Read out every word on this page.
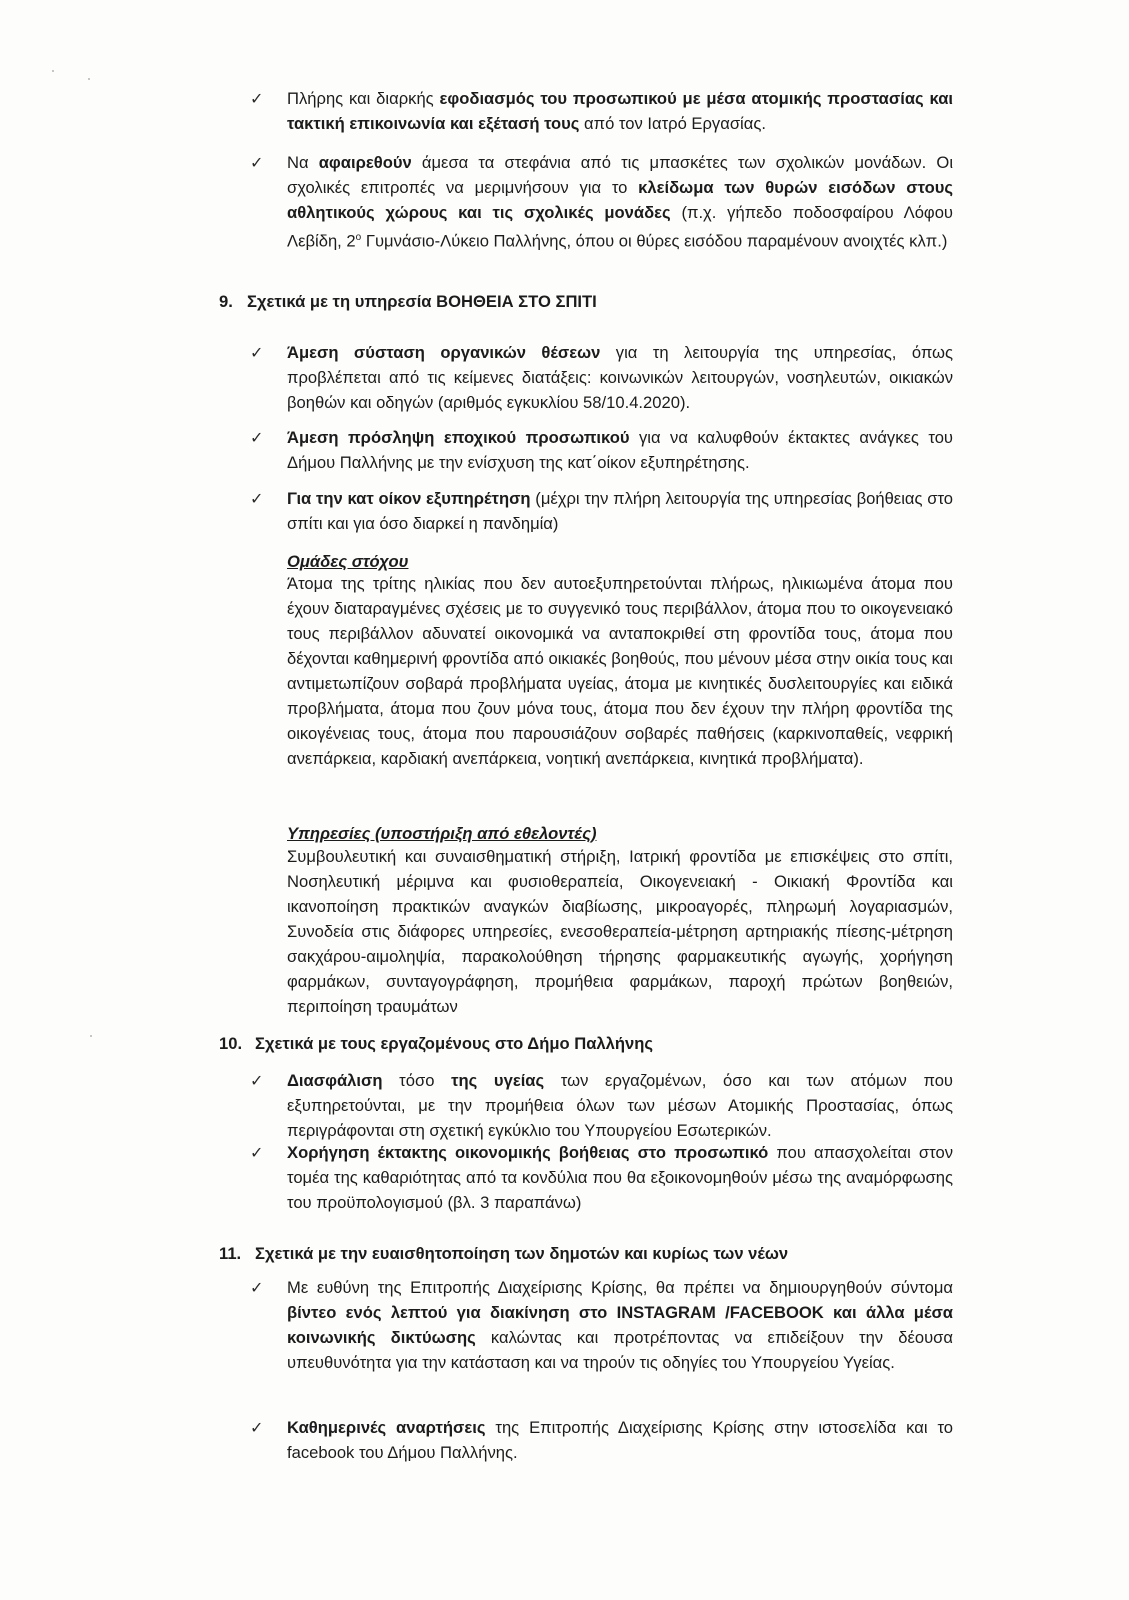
✓ Πλήρης και διαρκής εφοδιασμός του προσωπικού με μέσα ατομικής προστασίας και τακτική επικοινωνία και εξέτασή τους από τον Ιατρό Εργασίας.
✓ Να αφαιρεθούν άμεσα τα στεφάνια από τις μπασκέτες των σχολικών μονάδων. Οι σχολικές επιτροπές να μεριμνήσουν για το κλείδωμα των θυρών εισόδων στους αθλητικούς χώρους και τις σχολικές μονάδες (π.χ. γήπεδο ποδοσφαίρου Λόφου Λεβίδη, $2^o$ Γυμνάσιο-Λύκειο Παλλήνης, όπου οι θύρες εισόδου παραμένουν ανοιχτές κλπ.)
9. Σχετικά με τη υπηρεσία ΒΟΗΘΕΙΑ ΣΤΟ ΣΠΙΤΙ
✓ Άμεση σύσταση οργανικών θέσεων για τη λειτουργία της υπηρεσίας, όπως προβλέπεται από τις κείμενες διατάξεις: κοινωνικών λειτουργών, νοσηλευτών, οικιακών βοηθών και οδηγών (αριθμός εγκυκλίου 58/10.4.2020).
✓ Άμεση πρόσληψη εποχικού προσωπικού για να καλυφθούν έκτακτες ανάγκες του Δήμου Παλλήνης με την ενίσχυση της κατ΄οίκον εξυπηρέτησης.
✓ Για την κατ οίκον εξυπηρέτηση (μέχρι την πλήρη λειτουργία της υπηρεσίας βοήθειας στο σπίτι και για όσο διαρκεί η πανδημία)
Ομάδες στόχου
Άτομα της τρίτης ηλικίας που δεν αυτοεξυπηρετούνται πλήρως, ηλικιωμένα άτομα που έχουν διαταραγμένες σχέσεις με το συγγενικό τους περιβάλλον, άτομα που το οικογενειακό τους περιβάλλον αδυνατεί οικονομικά να ανταποκριθεί στη φροντίδα τους, άτομα που δέχονται καθημερινή φροντίδα από οικιακές βοηθούς, που μένουν μέσα στην οικία τους και αντιμετωπίζουν σοβαρά προβλήματα υγείας, άτομα με κινητικές δυσλειτουργίες και ειδικά προβλήματα, άτομα που ζουν μόνα τους, άτομα που δεν έχουν την πλήρη φροντίδα της οικογένειας τους, άτομα που παρουσιάζουν σοβαρές παθήσεις (καρκινοπαθείς, νεφρική ανεπάρκεια, καρδιακή ανεπάρκεια, νοητική ανεπάρκεια, κινητικά προβλήματα).
Υπηρεσίες (υποστήριξη από εθελοντές)
Συμβουλευτική και συναισθηματική στήριξη, Ιατρική φροντίδα με επισκέψεις στο σπίτι, Νοσηλευτική μέριμνα και φυσιοθεραπεία, Οικογενειακή - Οικιακή Φροντίδα και ικανοποίηση πρακτικών αναγκών διαβίωσης, μικροαγορές, πληρωμή λογαριασμών, Συνοδεία στις διάφορες υπηρεσίες, ενεσοθεραπεία-μέτρηση αρτηριακής πίεσης-μέτρηση σακχάρου-αιμοληψία, παρακολούθηση τήρησης φαρμακευτικής αγωγής, χορήγηση φαρμάκων, συνταγογράφηση, προμήθεια φαρμάκων, παροχή πρώτων βοηθειών, περιποίηση τραυμάτων
10. Σχετικά με τους εργαζομένους στο Δήμο Παλλήνης
✓ Διασφάλιση τόσο της υγείας των εργαζομένων, όσο και των ατόμων που εξυπηρετούνται, με την προμήθεια όλων των μέσων Ατομικής Προστασίας, όπως περιγράφονται στη σχετική εγκύκλιο του Υπουργείου Εσωτερικών.
✓ Χορήγηση έκτακτης οικονομικής βοήθειας στο προσωπικό που απασχολείται στον τομέα της καθαριότητας από τα κονδύλια που θα εξοικονομηθούν μέσω της αναμόρφωσης του προϋπολογισμού (βλ. 3 παραπάνω)
11. Σχετικά με την ευαισθητοποίηση των δημοτών και κυρίως των νέων
✓ Με ευθύνη της Επιτροπής Διαχείρισης Κρίσης, θα πρέπει να δημιουργηθούν σύντομα βίντεο ενός λεπτού για διακίνηση στο INSTAGRAM /FACEBOOK και άλλα μέσα κοινωνικής δικτύωσης καλώντας και προτρέποντας να επιδείξουν την δέουσα υπευθυνότητα για την κατάσταση και να τηρούν τις οδηγίες του Υπουργείου Υγείας.
✓ Καθημερινές αναρτήσεις της Επιτροπής Διαχείρισης Κρίσης στην ιστοσελίδα και το facebook του Δήμου Παλλήνης.
